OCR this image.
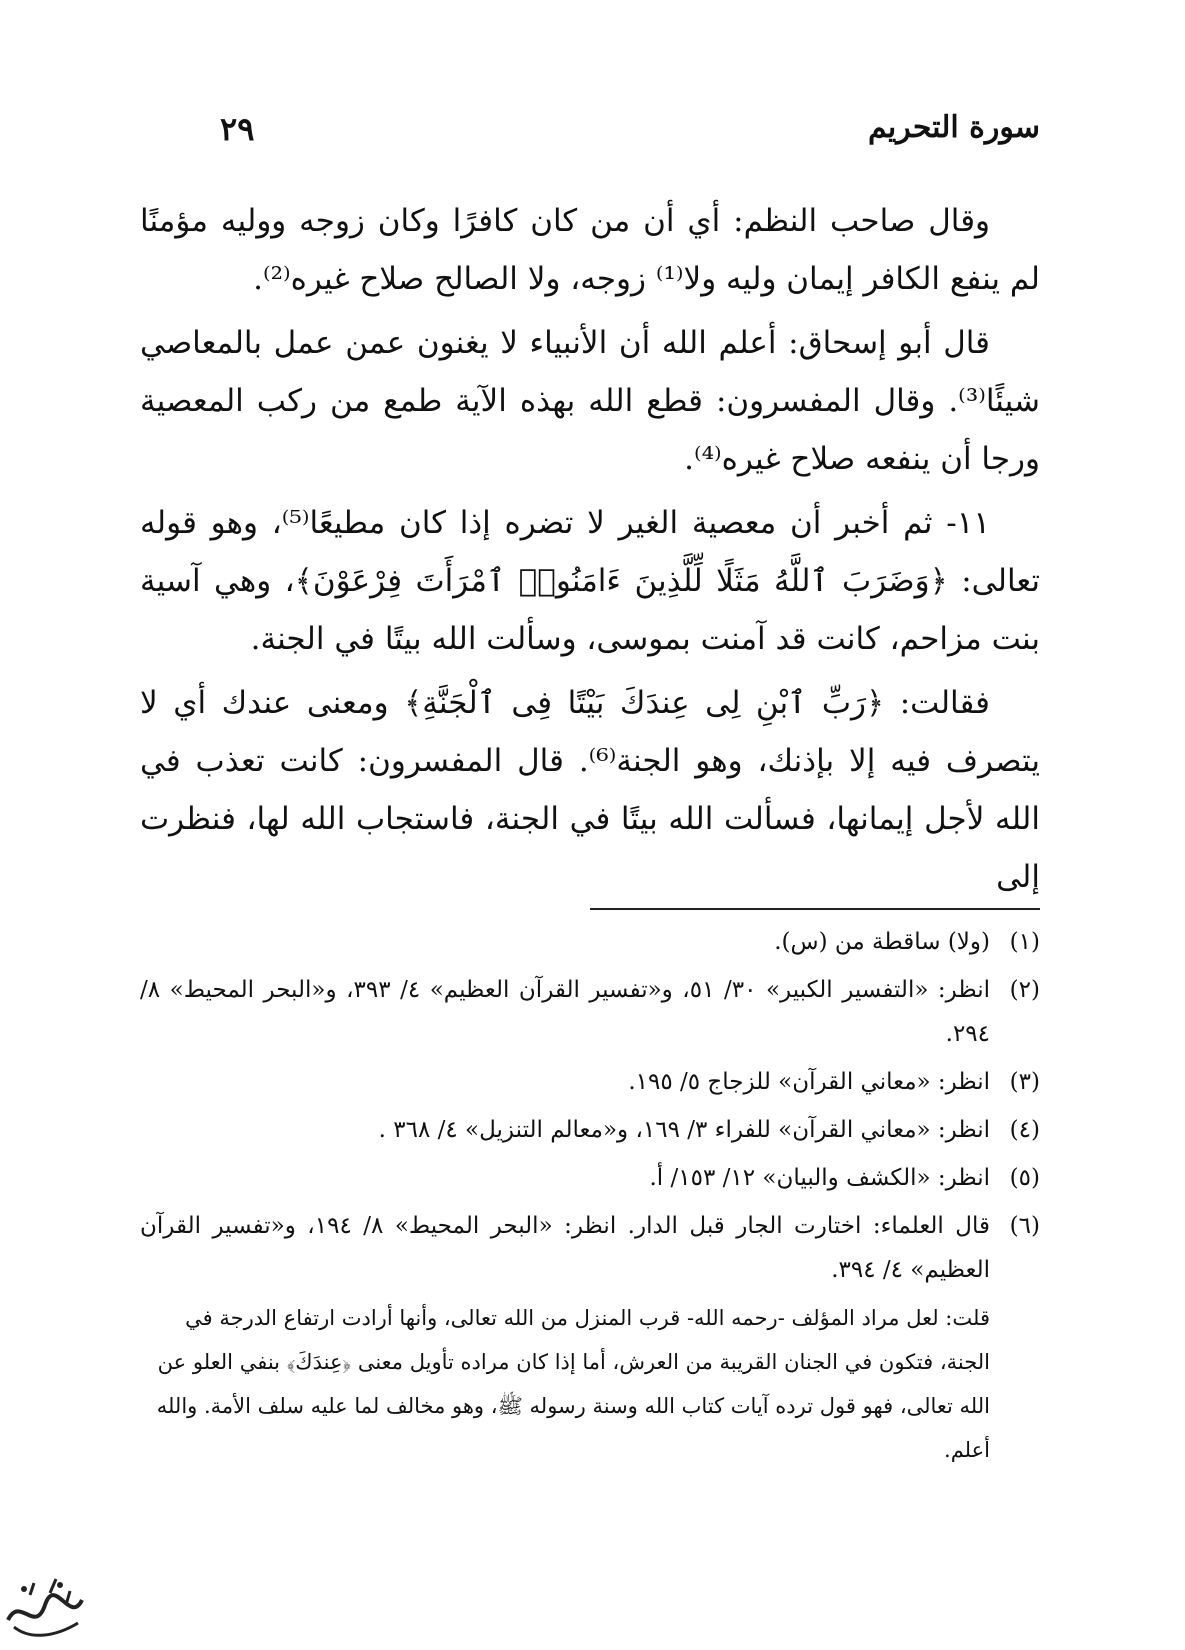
سورة التحريم
٢٩

وقال صاحب النظم: أي أن من كان كافرًا وكان زوجه ووليه مؤمنًا لم ينفع الكافر إيمان وليه ولا⁽¹⁾ زوجه، ولا الصالح صلاح غيره⁽²⁾.

قال أبو إسحاق: أعلم الله أن الأنبياء لا يغنون عمن عمل بالمعاصي شيئًا⁽³⁾. وقال المفسرون: قطع الله بهذه الآية طمع من ركب المعصية ورجا أن ينفعه صلاح غيره⁽⁴⁾.

١١- ثم أخبر أن معصية الغير لا تضره إذا كان مطيعًا⁽⁵⁾، وهو قوله تعالى: ﴿وَضَرَبَ ٱللَّهُ مَثَلًا لِّلَّذِينَ ءَامَنُوا۟ ٱمْرَأَتَ فِرْعَوْنَ﴾، وهي آسية بنت مزاحم، كانت قد آمنت بموسى، وسألت الله بيتًا في الجنة.

فقالت: ﴿رَبِّ ٱبْنِ لِى عِندَكَ بَيْتًا فِى ٱلْجَنَّةِ﴾ ومعنى عندك أي لا يتصرف فيه إلا بإذنك، وهو الجنة⁽⁶⁾. قال المفسرون: كانت تعذب في الله لأجل إيمانها، فسألت الله بيتًا في الجنة، فاستجاب الله لها، فنظرت إلى

(١)
(ولا) ساقطة من (س).
(٢)
انظر: «التفسير الكبير» ٣٠/ ٥١، و«تفسير القرآن العظيم» ٤/ ٣٩٣، و«البحر المحيط» ٨/ ٢٩٤.
(٣)
انظر: «معاني القرآن» للزجاج ٥/ ١٩٥.
(٤)
انظر: «معاني القرآن» للفراء ٣/ ١٦٩، و«معالم التنزيل» ٤/ ٣٦٨ .
(٥)
انظر: «الكشف والبيان» ١٢/ ١٥٣/ أ.
(٦)
قال العلماء: اختارت الجار قبل الدار. انظر: «البحر المحيط» ٨/ ١٩٤، و«تفسير القرآن العظيم» ٤/ ٣٩٤.
قلت: لعل مراد المؤلف -رحمه الله- قرب المنزل من الله تعالى، وأنها أرادت ارتفاع الدرجة في الجنة، فتكون في الجنان القريبة من العرش، أما إذا كان مراده تأويل معنى ﴿عِندَكَ﴾ بنفي العلو عن الله تعالى، فهو قول ترده آيات كتاب الله وسنة رسوله ﷺ، وهو مخالف لما عليه سلف الأمة. والله أعلم.
